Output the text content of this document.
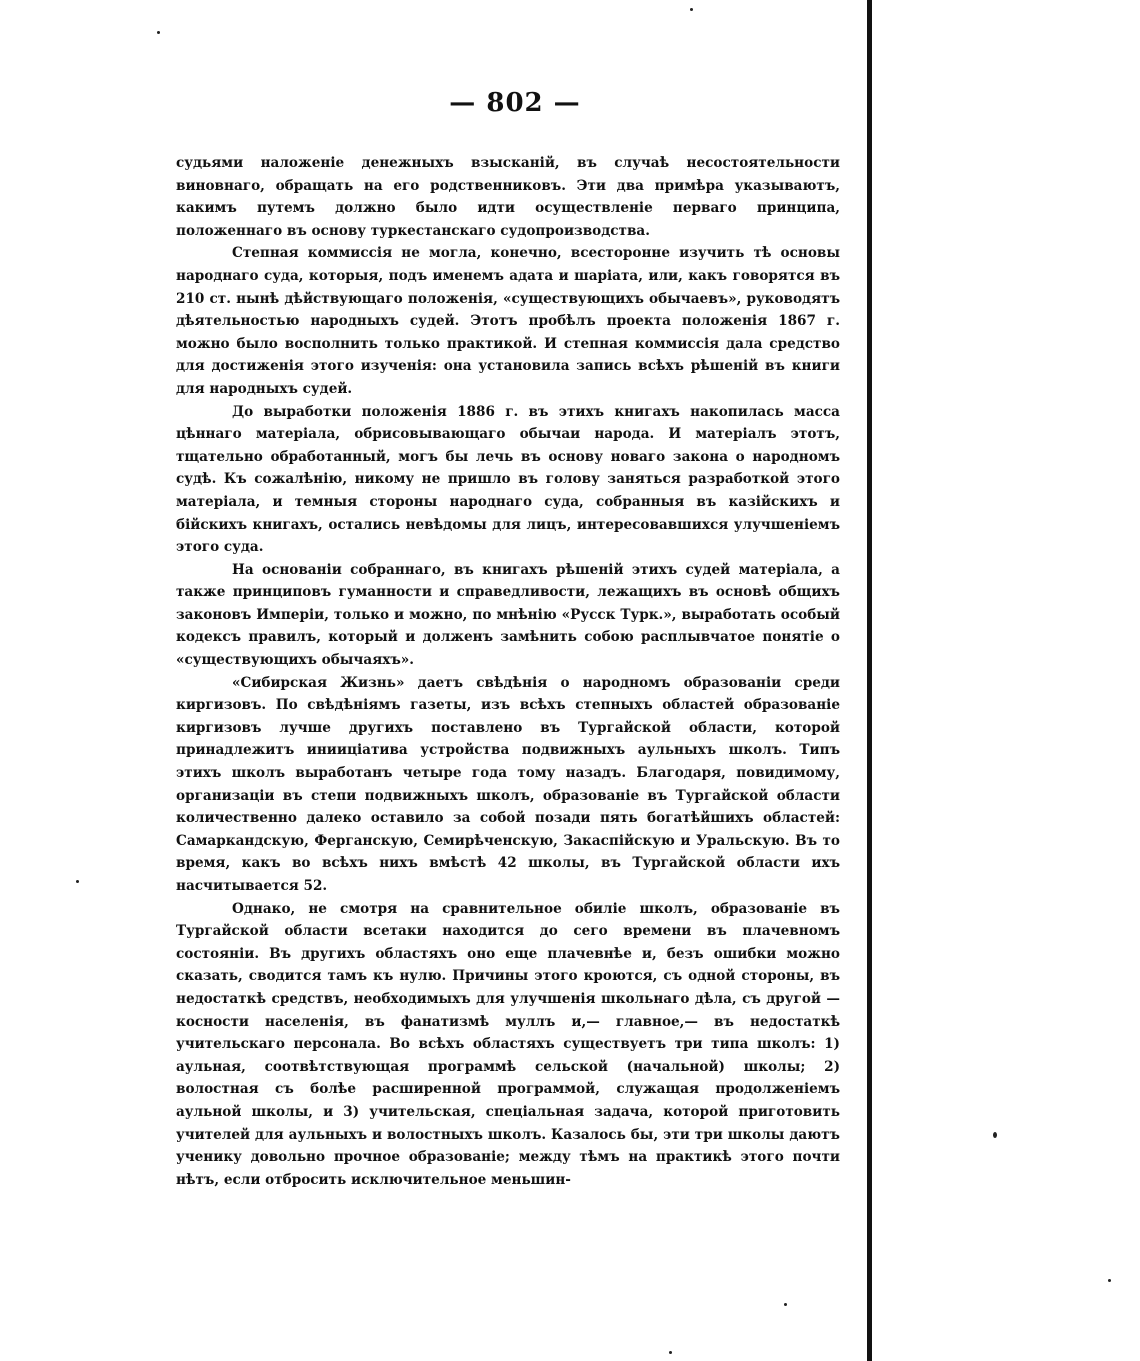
— 802 —

судьями наложеніе денежныхъ взысканій, въ случаѣ несостоятельности виновнаго, обращать на его родственниковъ. Эти два примѣра указываютъ, какимъ путемъ должно было идти осуществленіе перваго принципа, положеннаго въ основу туркестанскаго судопроизводства.

Степная коммиссія не могла, конечно, всесторонне изучить тѣ основы народнаго суда, которыя, подъ именемъ адата и шаріата, или, какъ говорятся въ 210 ст. нынѣ дѣйствующаго положенія, «существующихъ обычаевъ», руководятъ дѣятельностью народныхъ судей. Этотъ пробѣлъ проекта положенія 1867 г. можно было восполнить только практикой. И степная коммиссія дала средство для достиженія этого изученія: она установила запись всѣхъ рѣшеній въ книги для народныхъ судей.

До выработки положенія 1886 г. въ этихъ книгахъ накопилась масса цѣннаго матеріала, обрисовывающаго обычаи народа. И матеріалъ этотъ, тщательно обработанный, могъ бы лечь въ основу новаго закона о народномъ судѣ. Къ сожалѣнію, никому не пришло въ голову заняться разработкой этого матеріала, и темныя стороны народнаго суда, собранныя въ казійскихъ и бійскихъ книгахъ, остались невѣдомы для лицъ, интересовавшихся улучшеніемъ этого суда.

На основаніи собраннаго, въ книгахъ рѣшеній этихъ судей матеріала, а также принциповъ гуманности и справедливости, лежащихъ въ основѣ общихъ законовъ Имперіи, только и можно, по мнѣнію «Русск Турк.», выработать особый кодексъ правилъ, который и долженъ замѣнить собою расплывчатое понятіе о «существующихъ обычаяхъ».

«Сибирская Жизнь» даетъ свѣдѣнія о народномъ образованіи среди киргизовъ. По свѣдѣніямъ газеты, изъ всѣхъ степныхъ областей образованіе киргизовъ лучше другихъ поставлено въ Тургайской области, которой принадлежитъ инииціатива устройства подвижныхъ аульныхъ школъ. Типъ этихъ школъ выработанъ четыре года тому назадъ. Благодаря, повидимому, организаціи въ степи подвижныхъ школъ, образованіе въ Тургайской области количественно далеко оставило за собой позади пять богатѣйшихъ областей: Самаркандскую, Ферганскую, Семирѣченскую, Закаспійскую и Уральскую. Въ то время, какъ во всѣхъ нихъ вмѣстѣ 42 школы, въ Тургайской области ихъ насчитывается 52.

Однако, не смотря на сравнительное обиліе школъ, образованіе въ Тургайской области всетаки находится до сего времени въ плачевномъ состояніи. Въ другихъ областяхъ оно еще плачевнѣе и, безъ ошибки можно сказать, сводится тамъ къ нулю. Причины этого кроются, съ одной стороны, въ недостаткѣ средствъ, необходимыхъ для улучшенія школьнаго дѣла, съ другой — косности населенія, въ фанатизмѣ муллъ и,— главное,— въ недостаткѣ учительскаго персонала. Во всѣхъ областяхъ существуетъ три типа школъ: 1) аульная, соотвѣтствующая программѣ сельской (начальной) школы; 2) волостная съ болѣе расширенной программой, служащая продолженіемъ аульной школы, и 3) учительская, спеціальная задача, которой приготовить учителей для аульныхъ и волостныхъ школъ. Казалось бы, эти три школы даютъ ученику довольно прочное образованіе; между тѣмъ на практикѣ этого почти нѣтъ, если отбросить исключительное меньшин-
